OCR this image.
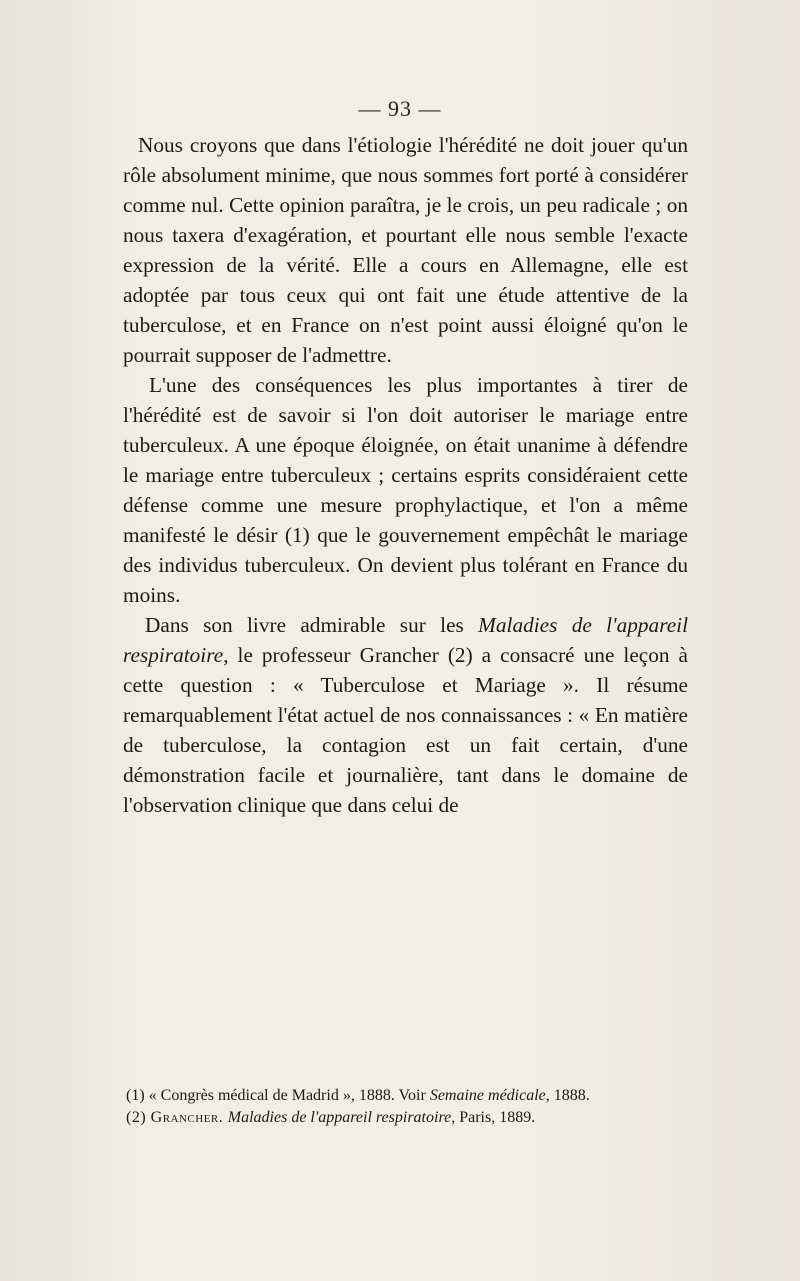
— 93 —

Nous croyons que dans l'étiologie l'hérédité ne doit jouer qu'un rôle absolument minime, que nous sommes fort porté à considérer comme nul. Cette opinion paraîtra, je le crois, un peu radicale ; on nous taxera d'exagération, et pourtant elle nous semble l'exacte expression de la vérité. Elle a cours en Allemagne, elle est adoptée par tous ceux qui ont fait une étude attentive de la tuberculose, et en France on n'est point aussi éloigné qu'on le pourrait supposer de l'admettre.

L'une des conséquences les plus importantes à tirer de l'hérédité est de savoir si l'on doit autoriser le mariage entre tuberculeux. A une époque éloignée, on était unanime à défendre le mariage entre tuberculeux ; certains esprits considéraient cette défense comme une mesure prophylactique, et l'on a même manifesté le désir (1) que le gouvernement empêchât le mariage des individus tuberculeux. On devient plus tolérant en France du moins.

Dans son livre admirable sur les Maladies de l'appareil respiratoire, le professeur Grancher (2) a consacré une leçon à cette question : « Tuberculose et Mariage ». Il résume remarquablement l'état actuel de nos connaissances : « En matière de tuberculose, la contagion est un fait certain, d'une démonstration facile et journalière, tant dans le domaine de l'observation clinique que dans celui de

(1) « Congrès médical de Madrid », 1888. Voir Semaine médicale, 1888.

(2) Grancher. Maladies de l'appareil respiratoire, Paris, 1889.
